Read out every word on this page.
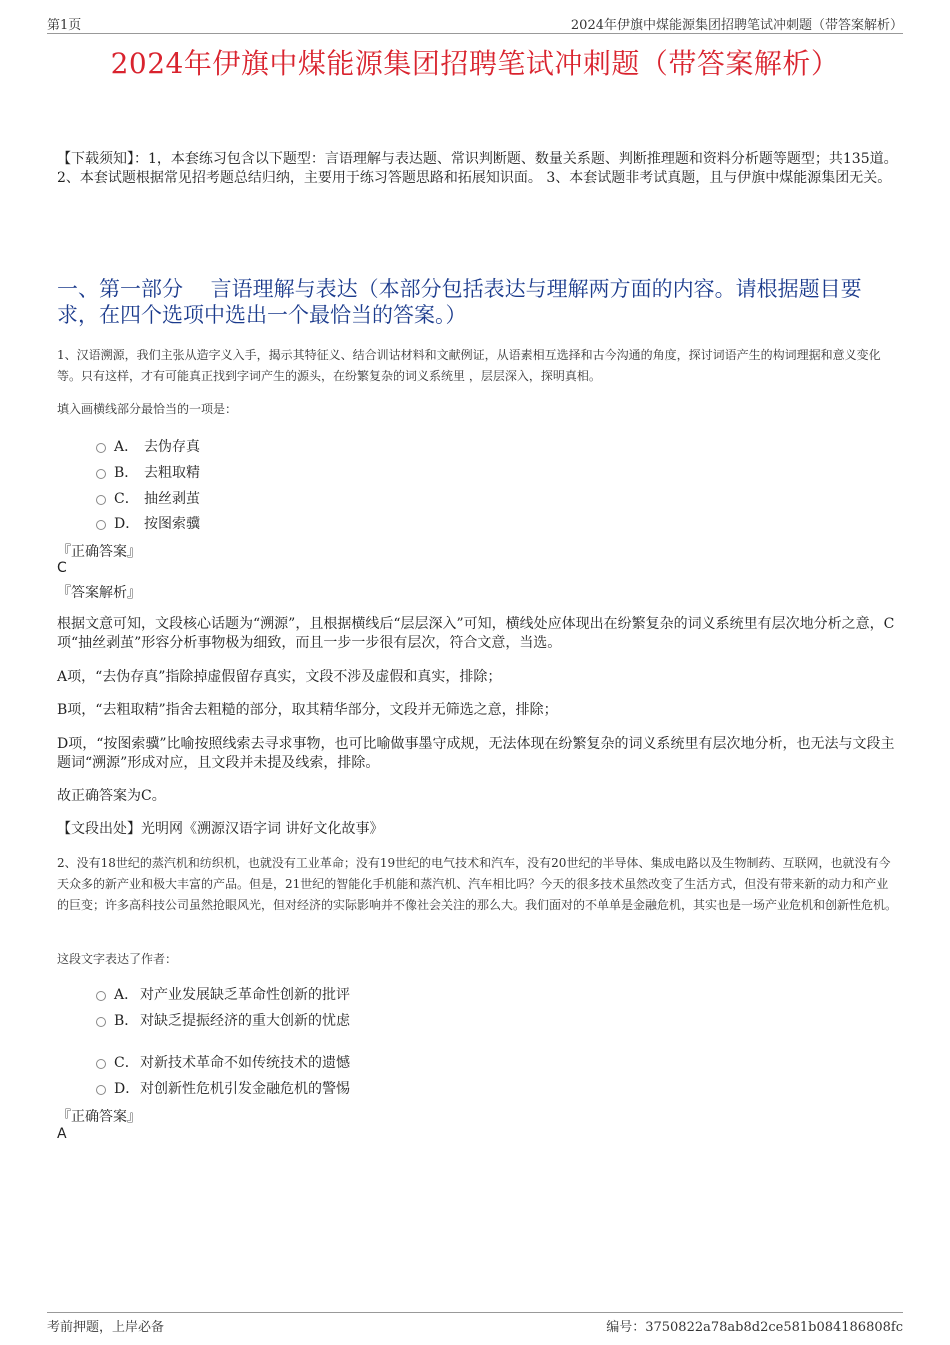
第1页	2024年伊旗中煤能源集团招聘笔试冲刺题（带答案解析）
2024年伊旗中煤能源集团招聘笔试冲刺题（带答案解析）
【下载须知】：1，本套练习包含以下题型：言语理解与表达题、常识判断题、数量关系题、判断推理题和资料分析题等题型；共135道。 2、本套试题根据常见招考题总结归纳，主要用于练习答题思路和拓展知识面。 3、本套试题非考试真题，且与伊旗中煤能源集团无关。
一、第一部分　 言语理解与表达（本部分包括表达与理解两方面的内容。请根据题目要求，在四个选项中选出一个最恰当的答案。）
1、汉语溯源，我们主张从造字义入手，揭示其特征义、结合训诂材料和文献例证，从语素相互选择和古今沟通的角度，探讨词语产生的构词理据和意义变化等。只有这样，才有可能真正找到字词产生的源头，在纷繁复杂的词义系统里 ，层层深入，探明真相。
填入画横线部分最恰当的一项是：
A． 去伪存真
B． 去粗取精
C． 抽丝剥茧
D． 按图索骥
『正确答案』
C
『答案解析』
根据文意可知，文段核心话题为“溯源”，且根据横线后“层层深入”可知，横线处应体现出在纷繁复杂的词义系统里有层次地分析之意，C项“抽丝剥茧”形容分析事物极为细致，而且一步一步很有层次，符合文意，当选。
A项，“去伪存真”指除掉虚假留存真实，文段不涉及虚假和真实，排除；
B项，“去粗取精”指舍去粗糙的部分，取其精华部分，文段并无筛选之意，排除；
D项，“按图索骥”比喻按照线索去寻求事物，也可比喻做事墨守成规，无法体现在纷繁复杂的词义系统里有层次地分析，也无法与文段主题词“溯源”形成对应，且文段并未提及线索，排除。
故正确答案为C。
【文段出处】光明网《溯源汉语字词 讲好文化故事》
2、没有18世纪的蒸汽机和纺织机，也就没有工业革命；没有19世纪的电气技术和汽车，没有20世纪的半导体、集成电路以及生物制药、互联网，也就没有今天众多的新产业和极大丰富的产品。但是，21世纪的智能化手机能和蒸汽机、汽车相比吗？今天的很多技术虽然改变了生活方式，但没有带来新的动力和产业的巨变；许多高科技公司虽然抢眼风光，但对经济的实际影响并不像社会关注的那么大。我们面对的不单单是金融危机，其实也是一场产业危机和创新性危机。
这段文字表达了作者：
A． 对产业发展缺乏革命性创新的批评
B． 对缺乏提振经济的重大创新的忧虑
C． 对新技术革命不如传统技术的遗憾
D． 对创新性危机引发金融危机的警惕
『正确答案』
A
考前押题，上岸必备	编号：3750822a78ab8d2ce581b084186808fc
